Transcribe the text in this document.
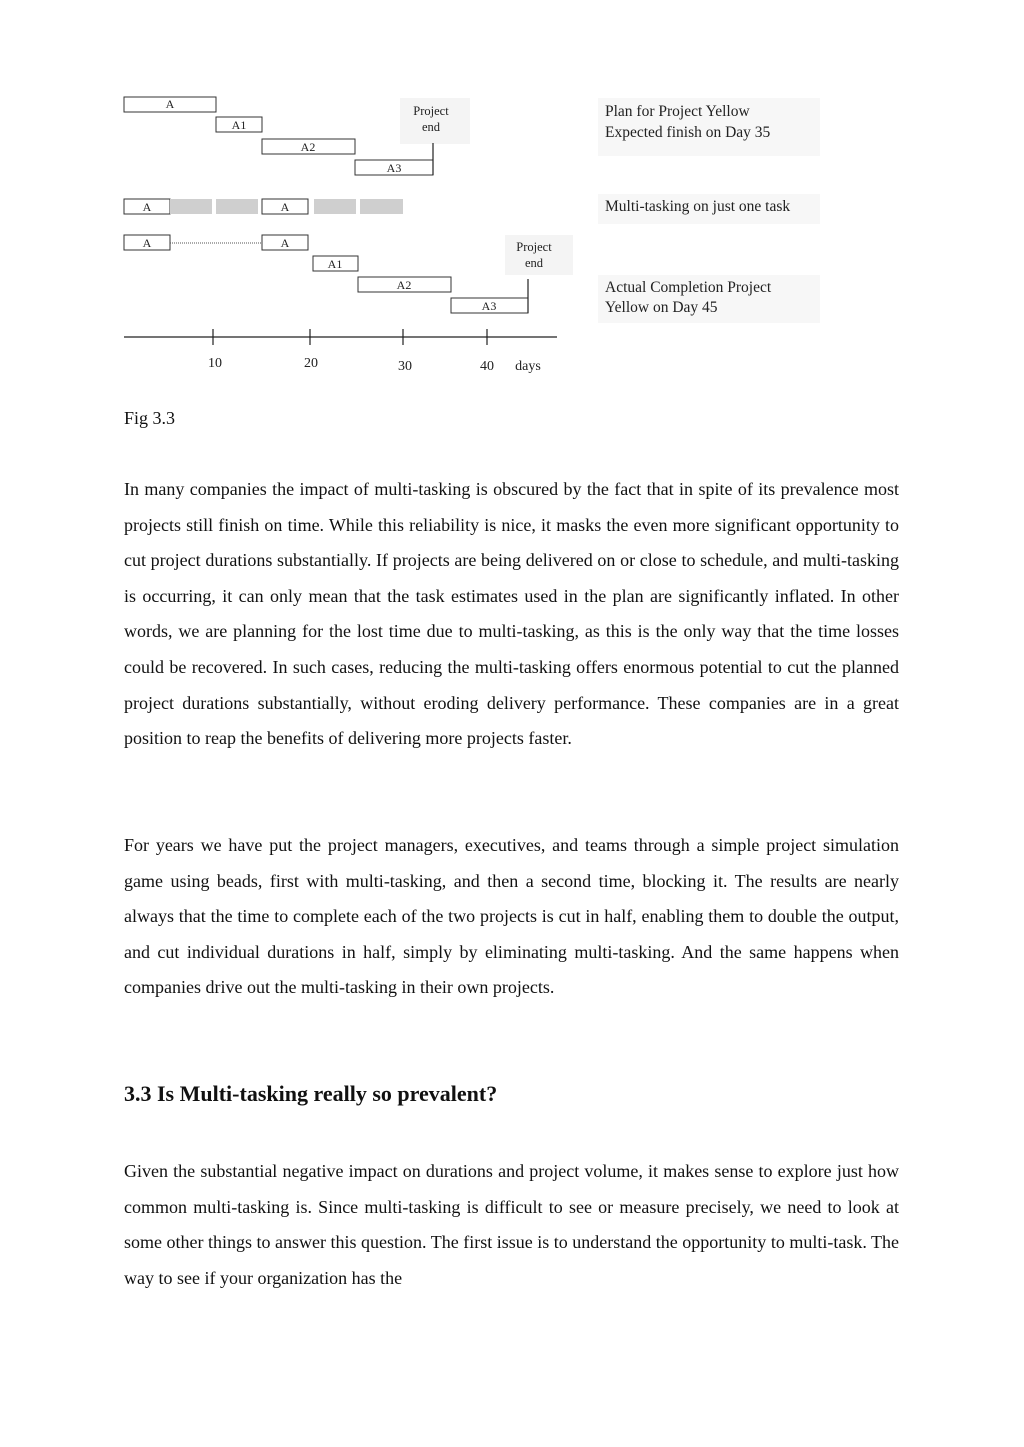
A
A1
A2
A3
Project
end
A	A
A	A
A1
A2
A3
Project
end
10	20	30	40 days
Plan for Project Yellow
Expected finish on Day 35
Multi-tasking on just one task
Actual Completion Project
Yellow on Day 45
Fig 3.3

In many companies the impact of multi-tasking is obscured by the fact that in spite of its prevalence most projects still finish on time. While this reliability is nice, it masks the even more significant opportunity to cut project durations substantially. If projects are being delivered on or close to schedule, and multi-tasking is occurring, it can only mean that the task estimates used in the plan are significantly inflated. In other words, we are planning for the lost time due to multi-tasking, as this is the only way that the time losses could be recovered. In such cases, reducing the multi-tasking offers enormous potential to cut the planned project durations substantially, without eroding delivery performance. These companies are in a great position to reap the benefits of delivering more projects faster.

For years we have put the project managers, executives, and teams through a simple project simulation game using beads, first with multi-tasking, and then a second time, blocking it. The results are nearly always that the time to complete each of the two projects is cut in half, enabling them to double the output, and cut individual durations in half, simply by eliminating multi-tasking. And the same happens when companies drive out the multi-tasking in their own projects.

3.3 Is Multi-tasking really so prevalent?

Given the substantial negative impact on durations and project volume, it makes sense to explore just how common multi-tasking is. Since multi-tasking is difficult to see or measure precisely, we need to look at some other things to answer this question. The first issue is to understand the opportunity to multi-task. The way to see if your organization has the
